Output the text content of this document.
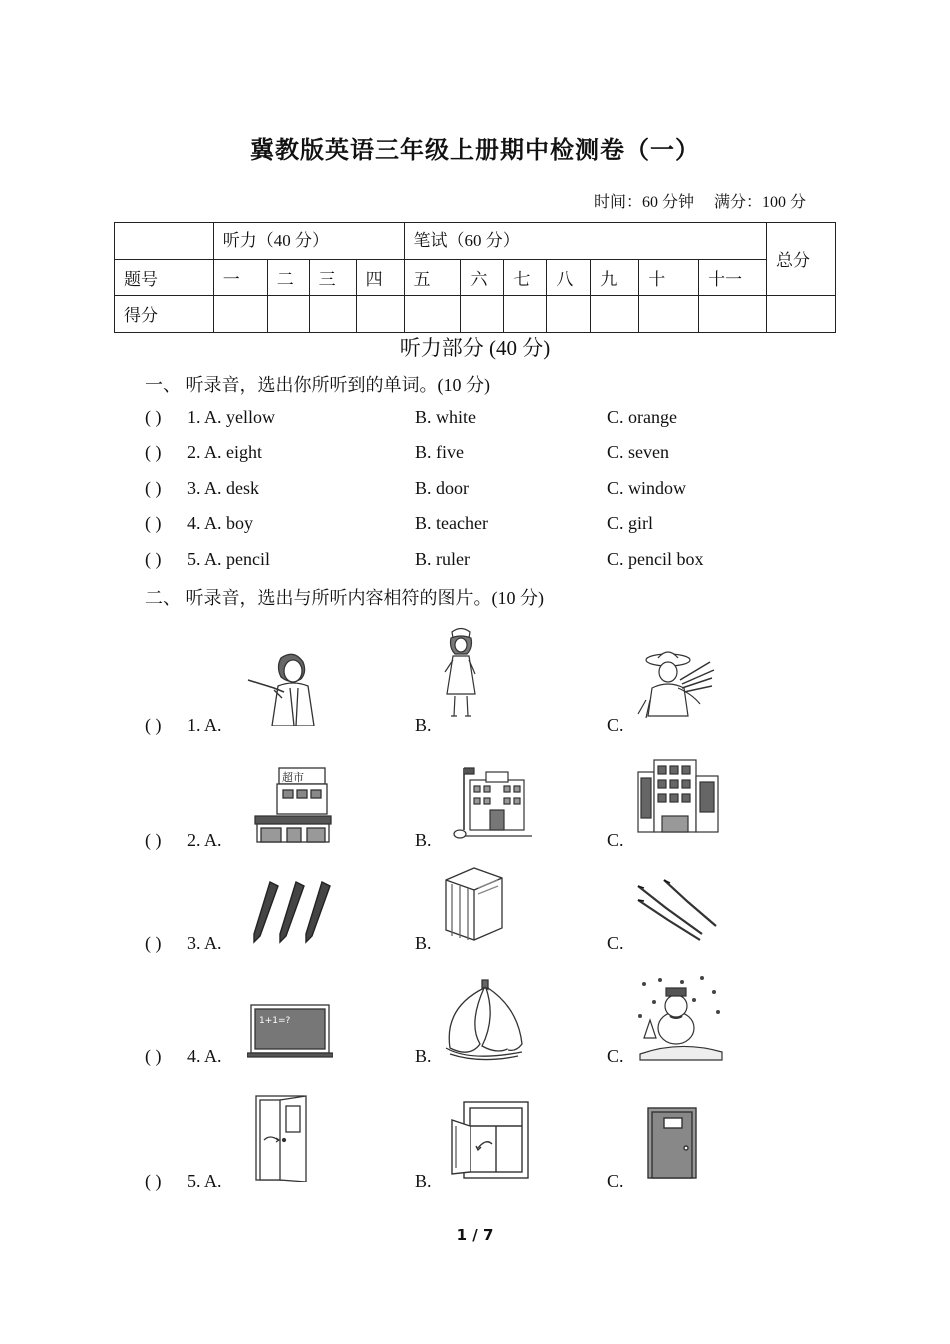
冀教版英语三年级上册期中检测卷（一）
时间：60 分钟 满分：100 分
	听力（40 分）				笔试（60 分）							总分
题号	一	二	三	四	五	六	七	八	九	十	十一	
得分												
听力部分 (40 分)
一、 听录音，选出你所听到的单词。(10 分)
( ) 1. A. yellow	B. white	C. orange
( ) 2. A. eight	B. five	C. seven
( ) 3. A. desk	B. door	C. window
( ) 4. A. boy	B. teacher	C. girl
( ) 5. A. pencil	B. ruler	C. pencil box
二、 听录音，选出与所听内容相符的图片。(10 分)
( ) 1. A.	B.	C.
( ) 2. A.	B.	C.
超市
( ) 3. A.	B.	C.
( ) 4. A.	B.	C.
1+1=?
( ) 5. A.	B.	C.
1 / 7
